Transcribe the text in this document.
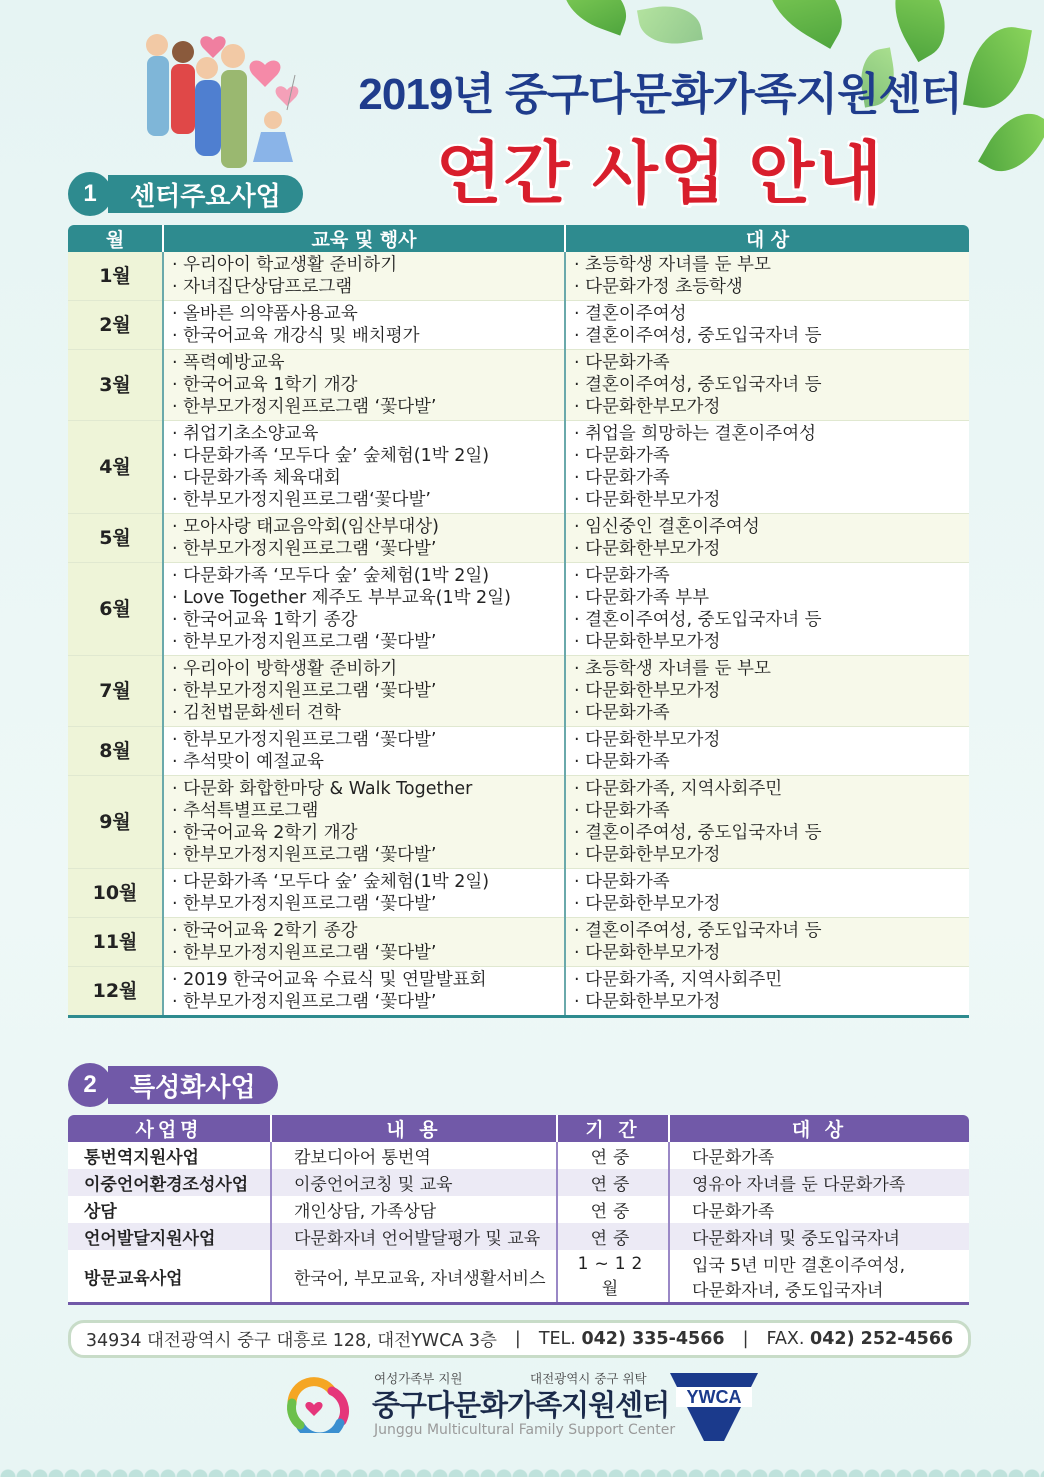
2019년 중구다문화가족지원센터
연간 사업 안내
1	센터주요사업
월	교육 및 행사	대 상
1월	· 우리아이 학교생활 준비하기
· 자녀집단상담프로그램	· 초등학생 자녀를 둔 부모
· 다문화가정 초등학생

2월	· 올바른 의약품사용교육
· 한국어교육 개강식 및 배치평가	· 결혼이주여성
· 결혼이주여성, 중도입국자녀 등

3월	· 폭력예방교육
· 한국어교육 1학기 개강
· 한부모가정지원프로그램 ‘꽃다발’	· 다문화가족
· 결혼이주여성, 중도입국자녀 등
· 다문화한부모가정

4월	· 취업기초소양교육
· 다문화가족 ‘모두다 숲’ 숲체험(1박 2일)
· 다문화가족 체육대회
· 한부모가정지원프로그램‘꽃다발’	· 취업을 희망하는 결혼이주여성
· 다문화가족
· 다문화가족
· 다문화한부모가정

5월	· 모아사랑 태교음악회(임산부대상)
· 한부모가정지원프로그램 ‘꽃다발’	· 임신중인 결혼이주여성
· 다문화한부모가정

6월	· 다문화가족 ‘모두다 숲’ 숲체험(1박 2일)
· Love Together 제주도 부부교육(1박 2일)
· 한국어교육 1학기 종강
· 한부모가정지원프로그램 ‘꽃다발’	· 다문화가족
· 다문화가족 부부
· 결혼이주여성, 중도입국자녀 등
· 다문화한부모가정

7월	· 우리아이 방학생활 준비하기
· 한부모가정지원프로그램 ‘꽃다발’
· 김천법문화센터 견학	· 초등학생 자녀를 둔 부모
· 다문화한부모가정
· 다문화가족

8월	· 한부모가정지원프로그램 ‘꽃다발’
· 추석맞이 예절교육	· 다문화한부모가정
· 다문화가족

9월	· 다문화 화합한마당 & Walk Together
· 추석특별프로그램
· 한국어교육 2학기 개강
· 한부모가정지원프로그램 ‘꽃다발’	· 다문화가족, 지역사회주민
· 다문화가족
· 결혼이주여성, 중도입국자녀 등
· 다문화한부모가정

10월	· 다문화가족 ‘모두다 숲’ 숲체험(1박 2일)
· 한부모가정지원프로그램 ‘꽃다발’	· 다문화가족
· 다문화한부모가정

11월	· 한국어교육 2학기 종강
· 한부모가정지원프로그램 ‘꽃다발’	· 결혼이주여성, 중도입국자녀 등
· 다문화한부모가정

12월	· 2019 한국어교육 수료식 및 연말발표회
· 한부모가정지원프로그램 ‘꽃다발’	· 다문화가족, 지역사회주민
· 다문화한부모가정
2	특성화사업
사업명	내 용	기 간	대 상
통번역지원사업	캄보디아어 통번역	연중	다문화가족

이중언어환경조성사업	이중언어코칭 및 교육	연중	영유아 자녀를 둔 다문화가족

상담	개인상담, 가족상담	연중	다문화가족

언어발달지원사업	다문화자녀 언어발달평가 및 교육	연중	다문화자녀 및 중도입국자녀

방문교육사업	한국어, 부모교육, 자녀생활서비스	1~12월	입국 5년 미만 결혼이주여성,
다문화자녀, 중도입국자녀
34934 대전광역시 중구 대흥로 128, 대전YWCA 3층 | TEL.
042) 335-4566 | FAX.
042) 252-4566
여성가족부 지원	대전광역시 중구 위탁
중구다문화가족지원센터
Junggu Multicultural Family Support Center
YWCA
